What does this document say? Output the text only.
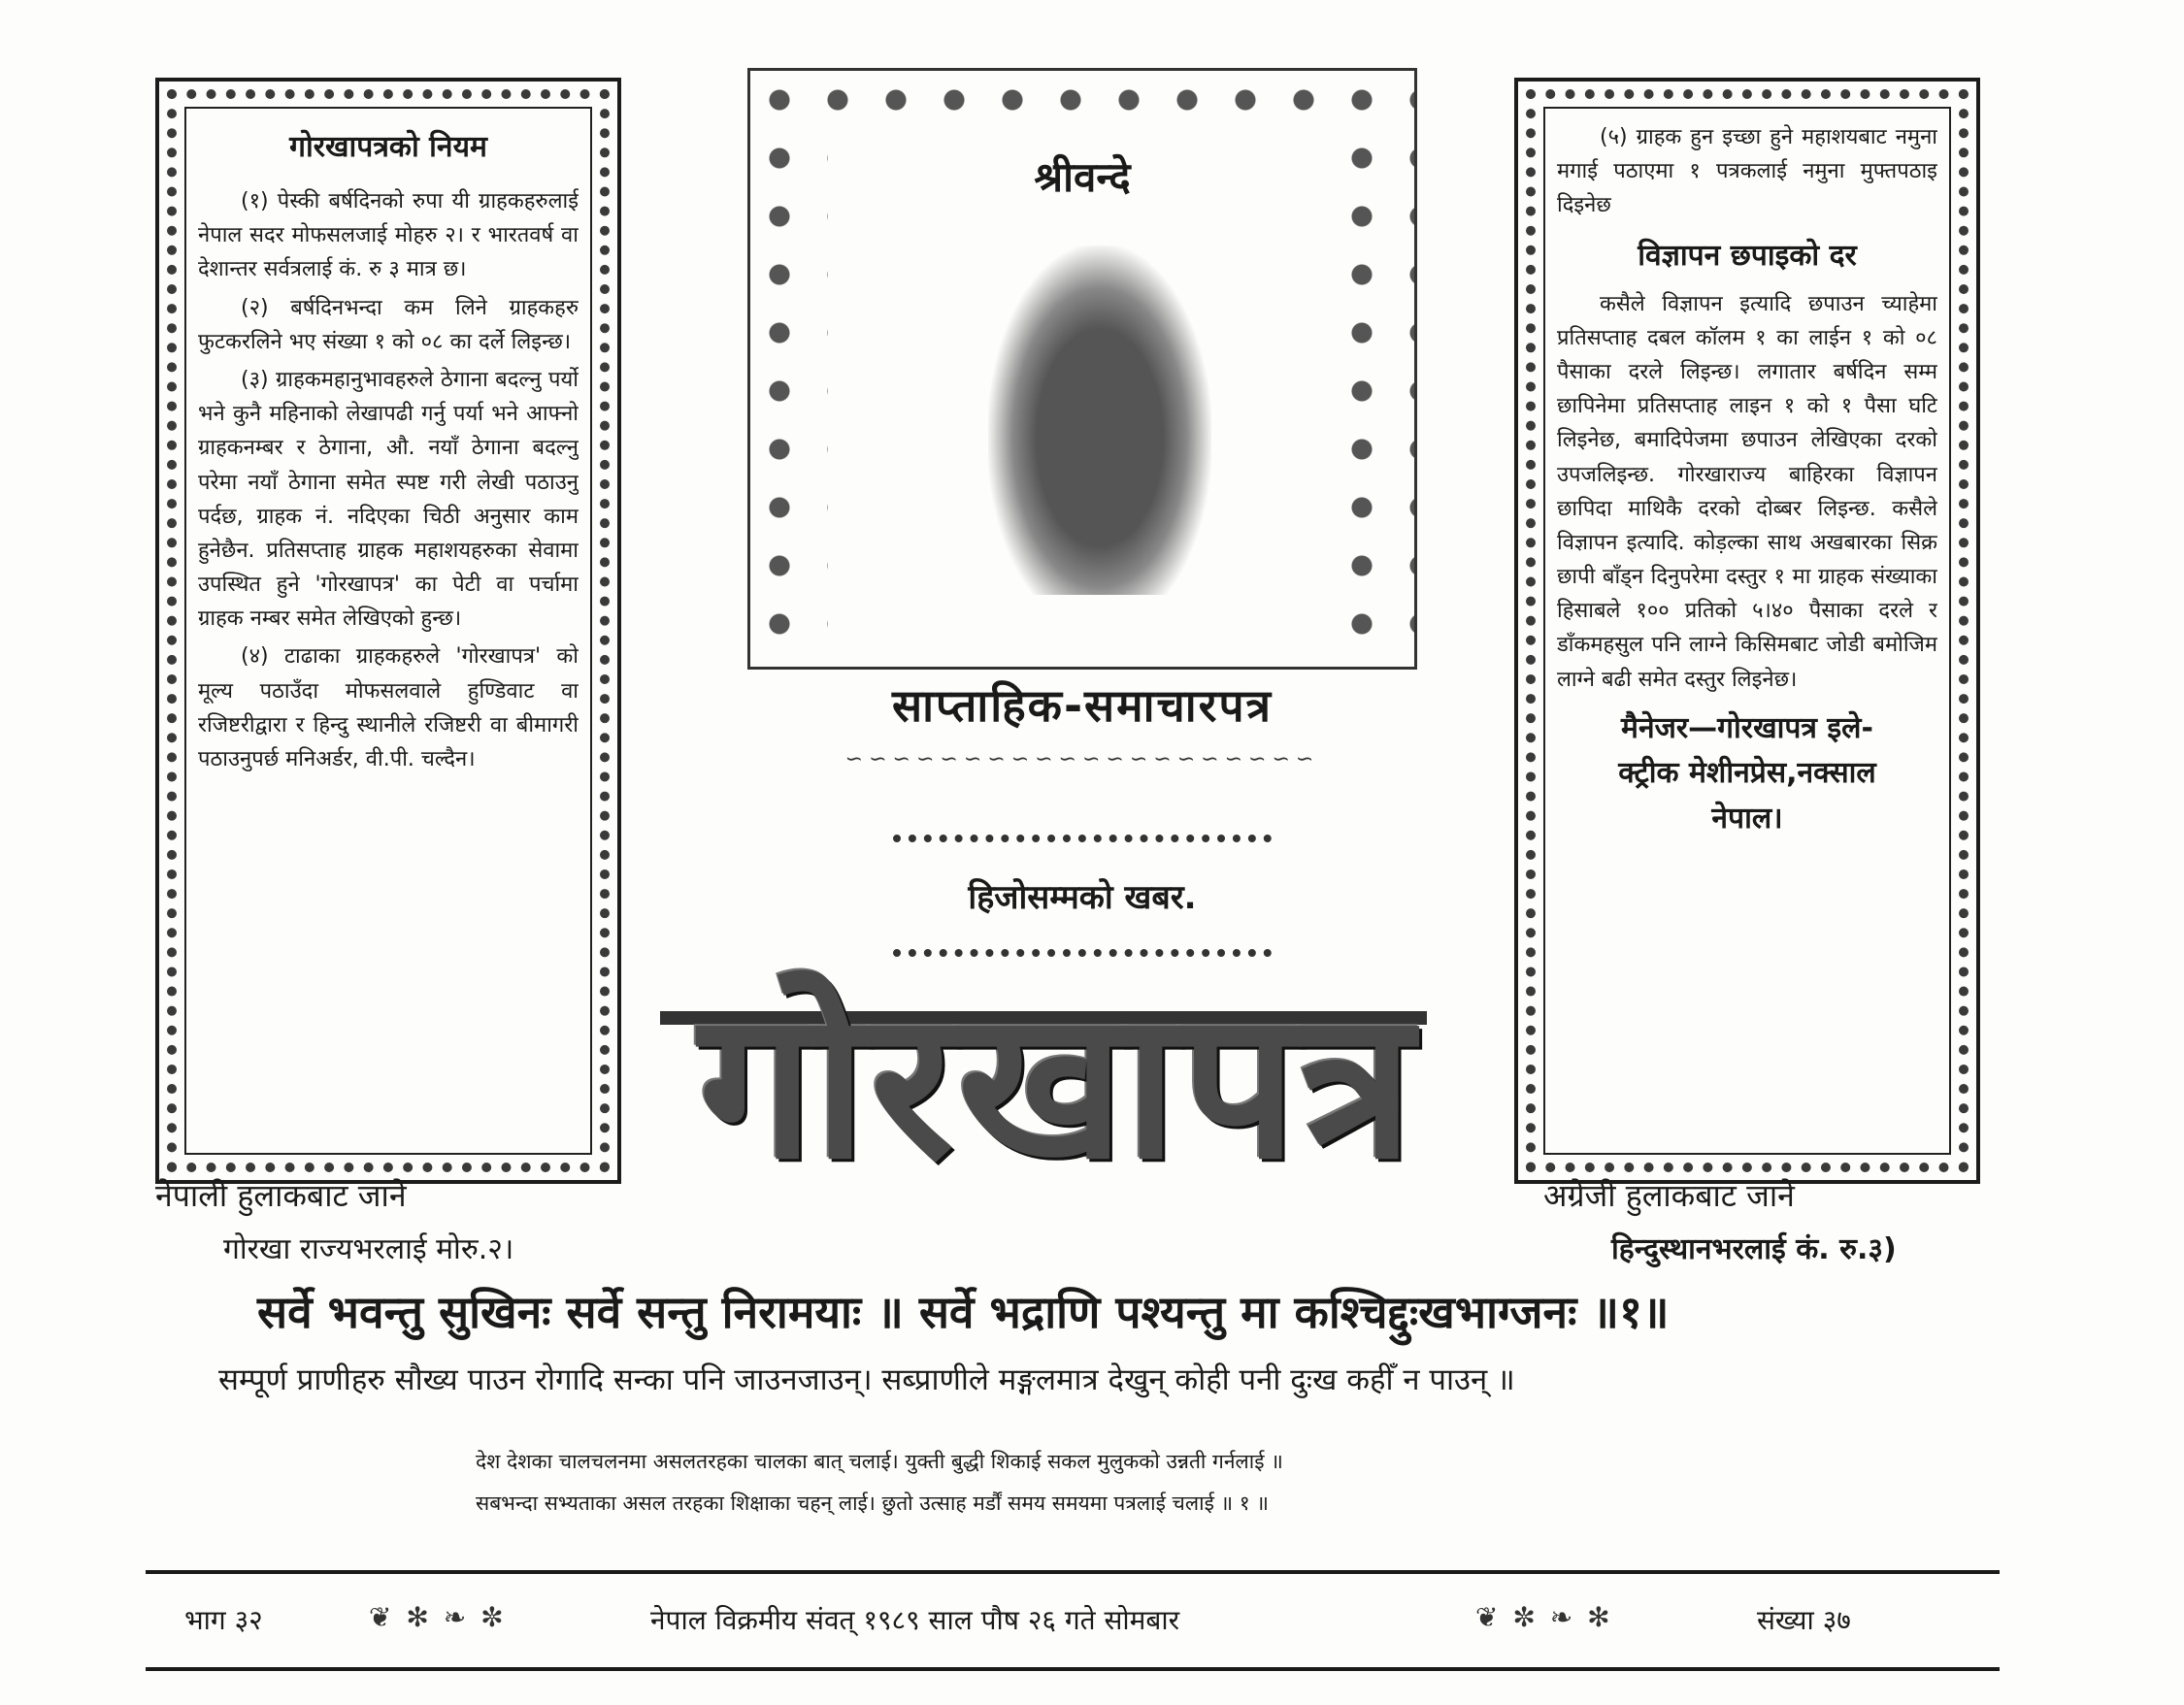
गोरखापत्रको नियम

(१) पेस्की बर्षदिनको रुपा यी ग्राहकहरुलाई नेपाल सदर मोफसलजाई मोहरु २। र भारतवर्ष वा देशान्तर सर्वत्रलाई कं. रु ३ मात्र छ।

(२) बर्षदिनभन्दा कम लिने ग्राहकहरु फुटकरलिने भए संख्या १ को ०८ का दर्ले लिइन्छ।

(३) ग्राहकमहानुभावहरुले ठेगाना बदल्नु पर्यो भने कुनै महिनाको लेखापढी गर्नु पर्या भने आफ्नो ग्राहकनम्बर र ठेगाना, औ. नयाँ ठेगाना बदल्नु परेमा नयाँ ठेगाना समेत स्पष्ट गरी लेखी पठाउनु पर्दछ, ग्राहक नं. नदिएका चिठी अनुसार काम हुनेछैन. प्रतिसप्ताह ग्राहक महाशयहरुका सेवामा उपस्थित हुने 'गोरखापत्र' का पेटी वा पर्चामा ग्राहक नम्बर समेत लेखिएको हुन्छ।

(४) टाढाका ग्राहकहरुले 'गोरखापत्र' को मूल्य पठाउँदा मोफसलवाले हुण्डिवाट वा रजिष्टरीद्वारा र हिन्दु स्थानीले रजिष्टरी वा बीमागरी पठाउनुपर्छ मनिअर्डर, वी.पी. चल्दैन।

(५) ग्राहक हुन इच्छा हुने महाशयबाट नमुना मगाई पठाएमा १ पत्रकलाई नमुना मुफ्तपठाइ दिइनेछ

विज्ञापन छपाइको दर

कसैले विज्ञापन इत्यादि छपाउन च्याहेमा प्रतिसप्ताह दबल कॉलम १ का लाईन १ को ०८ पैसाका दरले लिइन्छ। लगातार बर्षदिन सम्म छापिनेमा प्रतिसप्ताह लाइन १ को १ पैसा घटि लिइनेछ, बमादिपेजमा छपाउन लेखिएका दरको उपजलिइन्छ. गोरखाराज्य बाहिरका विज्ञापन छापिदा माथिकै दरको दोब्बर लिइन्छ. कसैले विज्ञापन इत्यादि. कोड़ल्का साथ अखबारका सिक्र छापी बाँड्न दिनुपरेमा दस्तुर १ मा ग्राहक संख्याका हिसाबले १०० प्रतिको ५।४० पैसाका दरले र डाँकमहसुल पनि लाग्ने किसिमबाट जोडी बमोजिम लाग्ने बढी समेत दस्तुर लिइनेछ।

मैनेजर—गोरखापत्र इले-
क्ट्रीक मेशीनप्रेस,नक्साल
नेपाल।
श्रीवन्दे
साप्ताहिक-समाचारपत्र
∽∽∽∽∽∽∽∽∽∽∽∽∽∽∽∽∽∽∽∽
हिजोसम्मको खबर.
गोरखापत्र
नेपाली हुलाकबाट जाने
गोरखा राज्यभरलाई मोरु.२।
अंग्रेजी हुलाकबाट जाने
हिन्दुस्थानभरलाई कं. रु.३)
सर्वे भवन्तु सुखिनः सर्वे सन्तु निरामयाः ॥ सर्वे भद्राणि पश्यन्तु मा कश्चिद्दुःखभाग्जनः ॥१॥
सम्पूर्ण प्राणीहरु सौख्य पाउन रोगादि सन्का पनि जाउनजाउन्। सब्प्राणीले मङ्गलमात्र देखुन् कोही पनी दुःख कहीँ न पाउन् ॥
देश देशका चालचलनमा असलतरहका चालका बात् चलाई। युक्ती बुद्धी शिकाई सकल मुलुकको उन्नती गर्नलाई ॥
सबभन्दा सभ्यताका असल तरहका शिक्षाका चहन् लाई। छुतो उत्साह मर्डौं समय समयमा पत्रलाई चलाई ॥ १ ॥
भाग ३२	❦ ✻ ❧ ✼	नेपाल विक्रमीय संवत् १९८९ साल पौष २६ गते सोमबार	❦ ✼ ❧ ✻	संख्या ३७
